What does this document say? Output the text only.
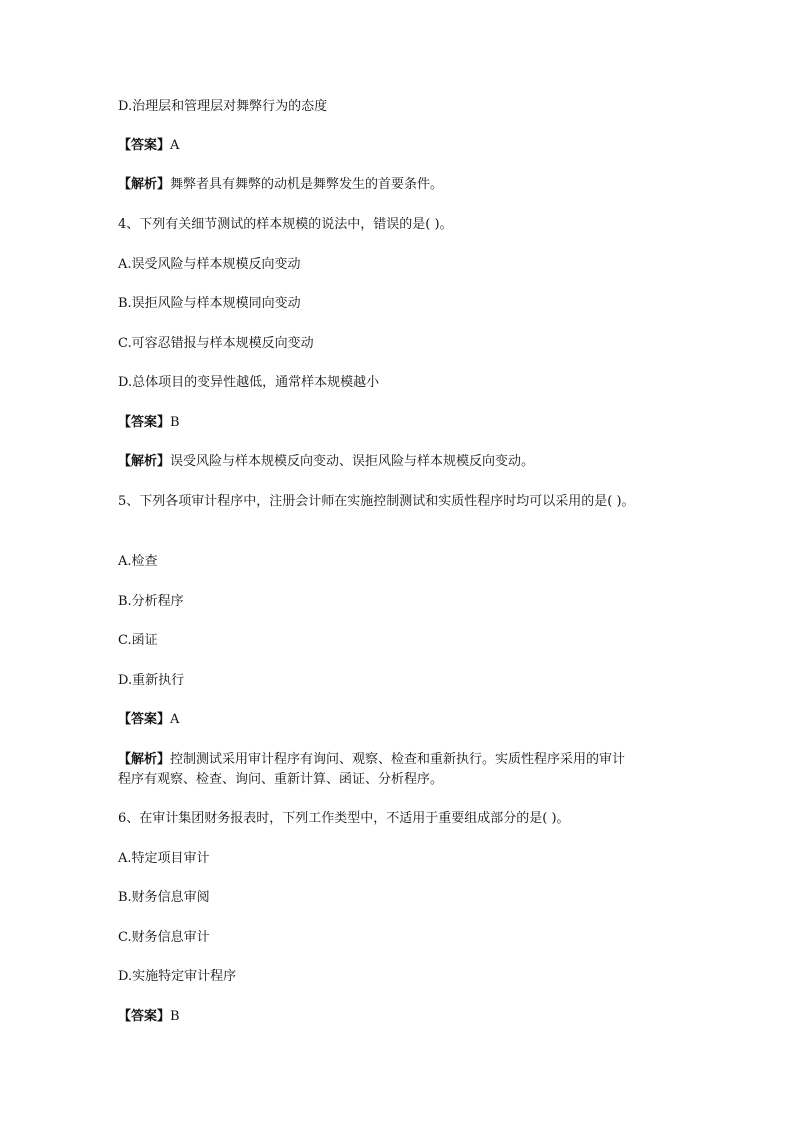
D.治理层和管理层对舞弊行为的态度
【答案】A
【解析】舞弊者具有舞弊的动机是舞弊发生的首要条件。
4、下列有关细节测试的样本规模的说法中，错误的是( )。
A.误受风险与样本规模反向变动
B.误拒风险与样本规模同向变动
C.可容忍错报与样本规模反向变动
D.总体项目的变异性越低，通常样本规模越小
【答案】B
【解析】误受风险与样本规模反向变动、误拒风险与样本规模反向变动。
5、下列各项审计程序中，注册会计师在实施控制测试和实质性程序时均可以采用的是( )。
A.检查
B.分析程序
C.函证
D.重新执行
【答案】A
【解析】控制测试采用审计程序有询问、观察、检查和重新执行。实质性程序采用的审计
程序有观察、检查、询问、重新计算、函证、分析程序。
6、在审计集团财务报表时，下列工作类型中，不适用于重要组成部分的是( )。
A.特定项目审计
B.财务信息审阅
C.财务信息审计
D.实施特定审计程序
【答案】B
